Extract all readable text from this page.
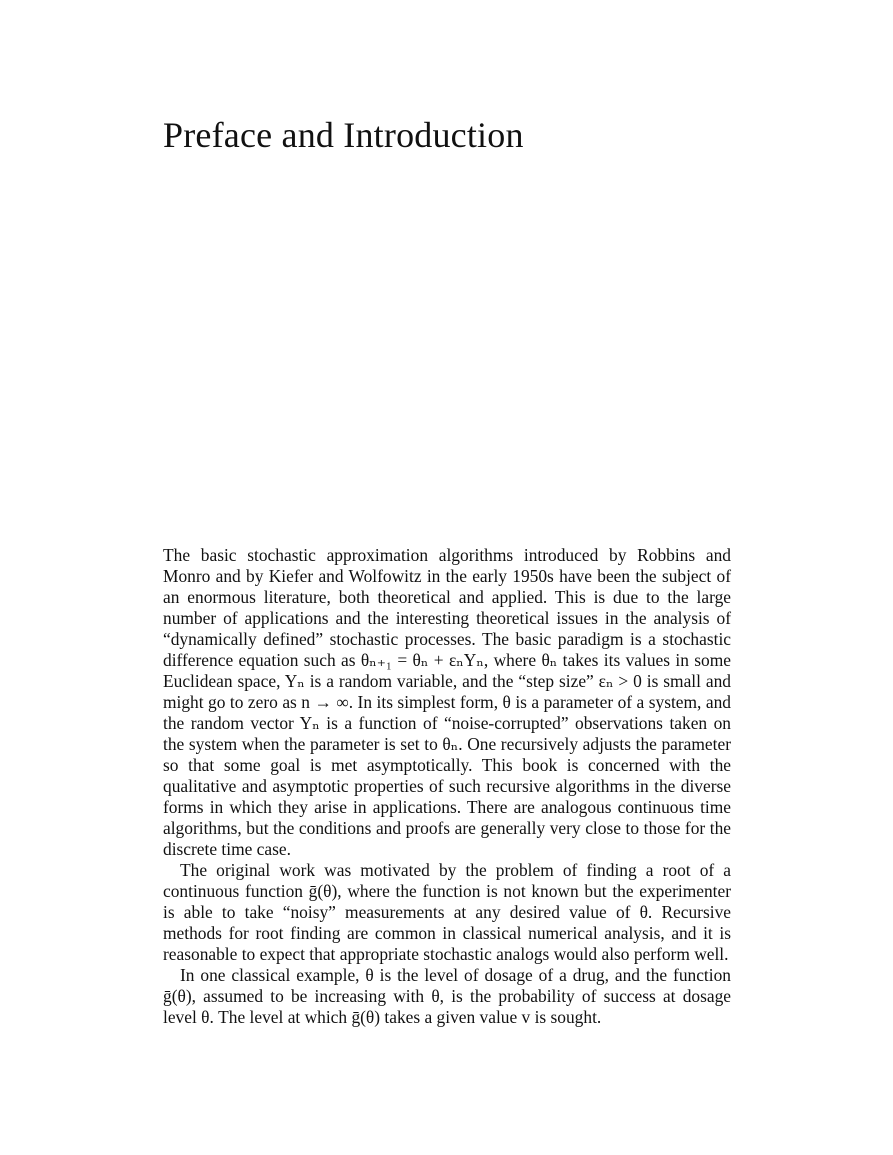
Preface and Introduction

The basic stochastic approximation algorithms introduced by Robbins and Monro and by Kiefer and Wolfowitz in the early 1950s have been the subject of an enormous literature, both theoretical and applied. This is due to the large number of applications and the interesting theoretical issues in the analysis of “dynamically defined” stochastic processes. The basic paradigm is a stochastic difference equation such as θₙ₊₁ = θₙ + εₙYₙ, where θₙ takes its values in some Euclidean space, Yₙ is a random variable, and the “step size” εₙ > 0 is small and might go to zero as n → ∞. In its simplest form, θ is a parameter of a system, and the random vector Yₙ is a function of “noise-corrupted” observations taken on the system when the parameter is set to θₙ. One recursively adjusts the parameter so that some goal is met asymptotically. This book is concerned with the qualitative and asymptotic properties of such recursive algorithms in the diverse forms in which they arise in applications. There are analogous continuous time algorithms, but the conditions and proofs are generally very close to those for the discrete time case.

The original work was motivated by the problem of finding a root of a continuous function ḡ(θ), where the function is not known but the experimenter is able to take “noisy” measurements at any desired value of θ. Recursive methods for root finding are common in classical numerical analysis, and it is reasonable to expect that appropriate stochastic analogs would also perform well.

In one classical example, θ is the level of dosage of a drug, and the function ḡ(θ), assumed to be increasing with θ, is the probability of success at dosage level θ. The level at which ḡ(θ) takes a given value v is sought.
